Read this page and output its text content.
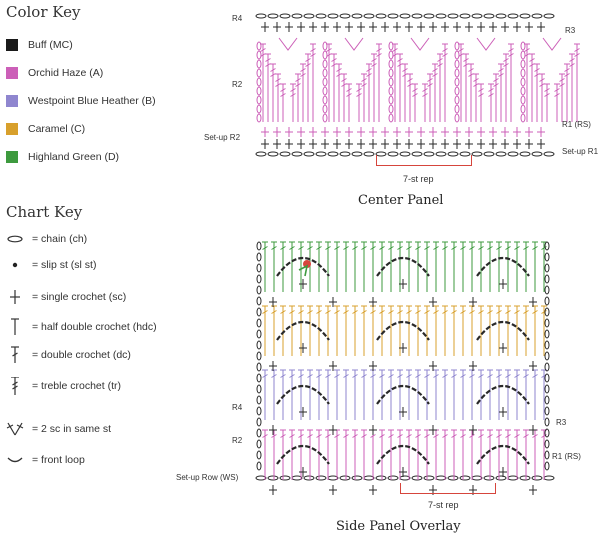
Color Key
Buff (MC)
Orchid Haze (A)
Westpoint Blue Heather (B)
Caramel (C)
Highland Green (D)
Chart Key
= chain (ch)
= slip st (sl st)
= single crochet (sc)
= half double crochet (hdc)
= double crochet (dc)
= treble crochet (tr)
= 2 sc in same st
= front loop
R4
R2
Set-up R2
R3
R1 (RS)
Set-up R1
7-st rep
Center Panel
R4
R2
Set-up Row (WS)
R3
R1 (RS)
7-st rep
Side Panel Overlay
